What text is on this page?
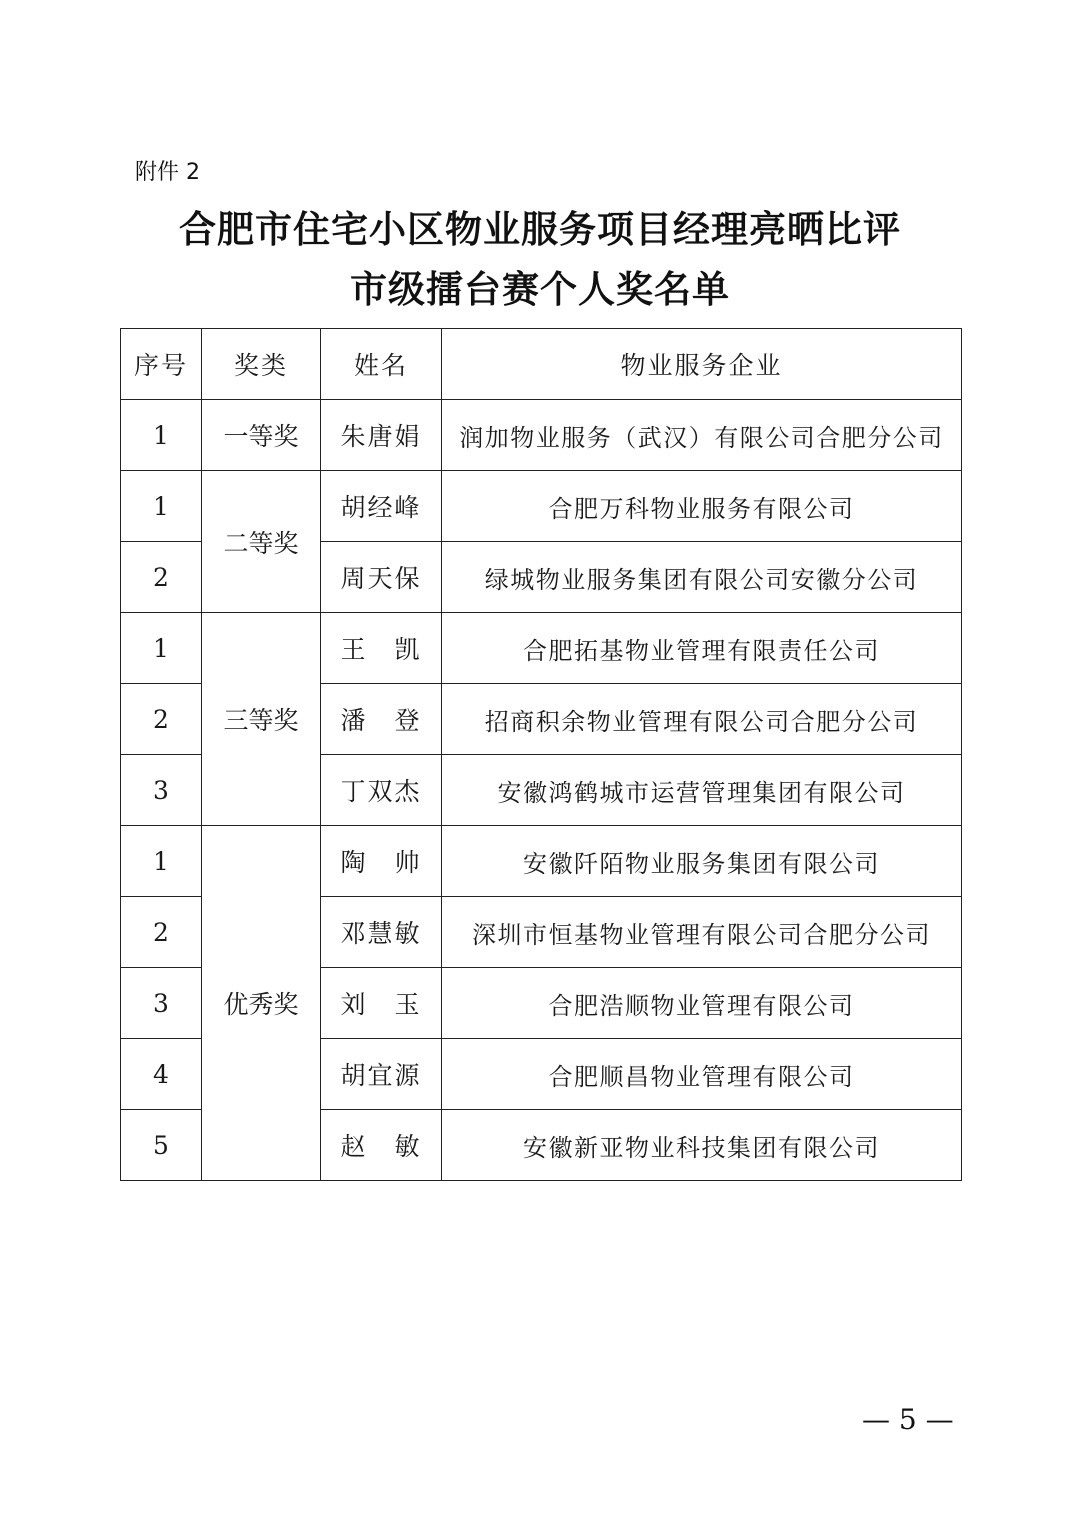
附件 2
合肥市住宅小区物业服务项目经理亮晒比评
市级擂台赛个人奖名单
序号	奖类	姓名	物业服务企业
1	一等奖	朱唐娟	润加物业服务（武汉）有限公司合肥分公司
1	二等奖	胡经峰	合肥万科物业服务有限公司
2		周天保	绿城物业服务集团有限公司安徽分公司
1	三等奖	王　凯	合肥拓基物业管理有限责任公司
2		潘　登	招商积余物业管理有限公司合肥分公司
3		丁双杰	安徽鸿鹤城市运营管理集团有限公司
1	优秀奖	陶　帅	安徽阡陌物业服务集团有限公司
2		邓慧敏	深圳市恒基物业管理有限公司合肥分公司
3		刘　玉	合肥浩顺物业管理有限公司
4		胡宜源	合肥顺昌物业管理有限公司
5		赵　敏	安徽新亚物业科技集团有限公司
— 5 —
